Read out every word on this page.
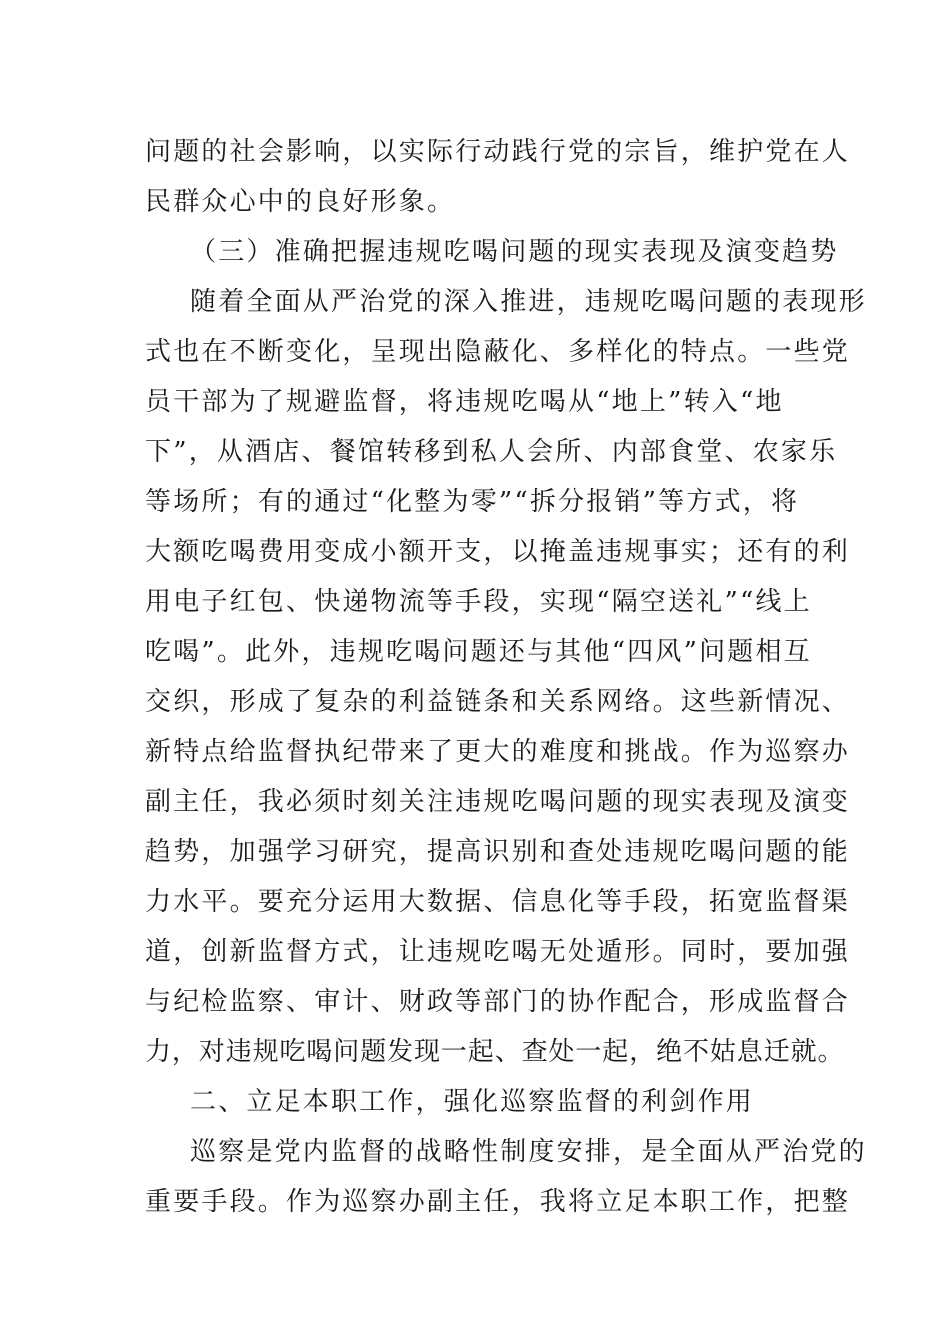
问题的社会影响，以实际行动践行党的宗旨，维护党在人
民群众心中的良好形象。
（三）准确把握违规吃喝问题的现实表现及演变趋势
随着全面从严治党的深入推进，违规吃喝问题的表现形
式也在不断变化，呈现出隐蔽化、多样化的特点。一些党
员干部为了规避监督，将违规吃喝从“地上”转入“地
下”，从酒店、餐馆转移到私人会所、内部食堂、农家乐
等场所；有的通过“化整为零”“拆分报销”等方式，将
大额吃喝费用变成小额开支，以掩盖违规事实；还有的利
用电子红包、快递物流等手段，实现“隔空送礼”“线上
吃喝”。此外，违规吃喝问题还与其他“四风”问题相互
交织，形成了复杂的利益链条和关系网络。这些新情况、
新特点给监督执纪带来了更大的难度和挑战。作为巡察办
副主任，我必须时刻关注违规吃喝问题的现实表现及演变
趋势，加强学习研究，提高识别和查处违规吃喝问题的能
力水平。要充分运用大数据、信息化等手段，拓宽监督渠
道，创新监督方式，让违规吃喝无处遁形。同时，要加强
与纪检监察、审计、财政等部门的协作配合，形成监督合
力，对违规吃喝问题发现一起、查处一起，绝不姑息迁就。
二、立足本职工作，强化巡察监督的利剑作用
巡察是党内监督的战略性制度安排，是全面从严治党的
重要手段。作为巡察办副主任，我将立足本职工作，把整
